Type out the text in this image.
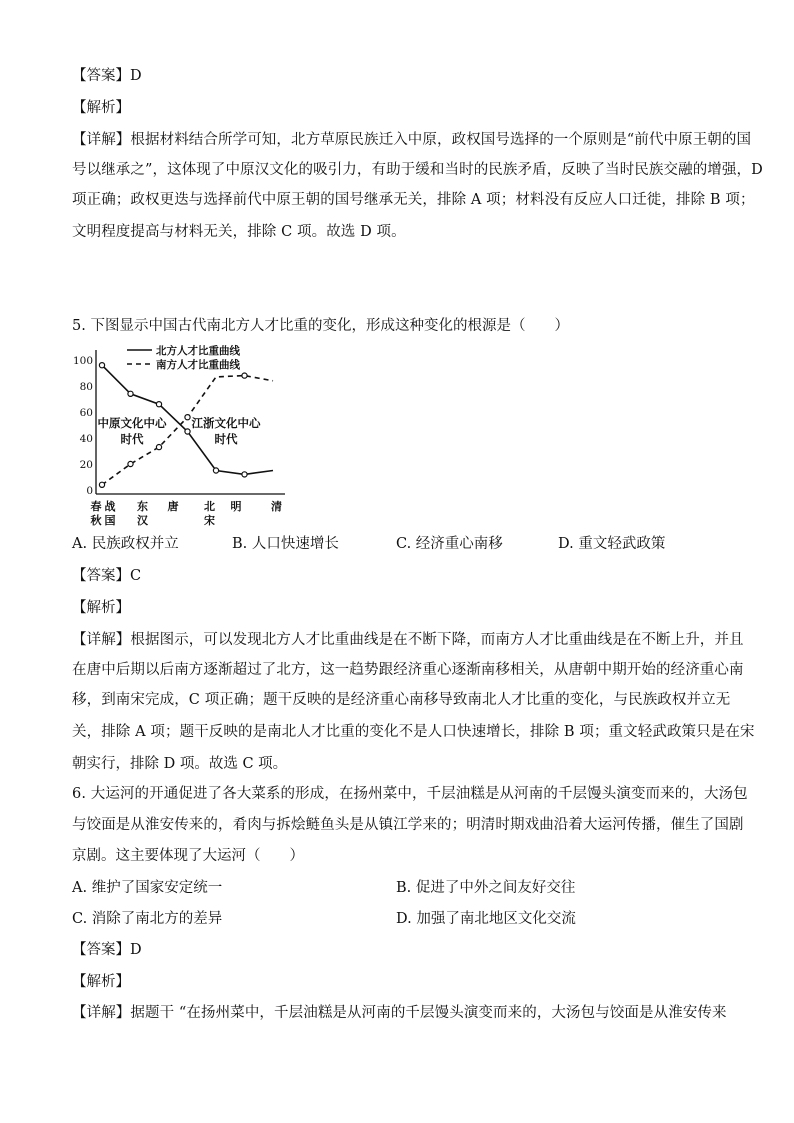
【答案】D
【解析】
【详解】根据材料结合所学可知，北方草原民族迁入中原，政权国号选择的一个原则是“前代中原王朝的国
号以继承之”，这体现了中原汉文化的吸引力，有助于缓和当时的民族矛盾，反映了当时民族交融的增强，D
项正确；政权更迭与选择前代中原王朝的国号继承无关，排除 A 项；材料没有反应人口迁徙，排除 B 项；
文明程度提高与材料无关，排除 C 项。故选 D 项。
5. 下图显示中国古代南北方人才比重的变化，形成这种变化的根源是（　　）
0
20
40
60
80
100
春
秋
战
国
东
汉
唐 北
宋
明	清
北方人才比重曲线
南方人才比重曲线
中原文化中心
时代
江浙文化中心
时代
A. 民族政权并立	B. 人口快速增长	C. 经济重心南移	D. 重文轻武政策
【答案】C
【解析】
【详解】根据图示，可以发现北方人才比重曲线是在不断下降，而南方人才比重曲线是在不断上升，并且
在唐中后期以后南方逐渐超过了北方，这一趋势跟经济重心逐渐南移相关，从唐朝中期开始的经济重心南
移，到南宋完成，C 项正确；题干反映的是经济重心南移导致南北人才比重的变化，与民族政权并立无
关，排除 A 项；题干反映的是南北人才比重的变化不是人口快速增长，排除 B 项；重文轻武政策只是在宋
朝实行，排除 D 项。故选 C 项。
6. 大运河的开通促进了各大菜系的形成，在扬州菜中，千层油糕是从河南的千层馒头演变而来的，大汤包
与饺面是从淮安传来的，肴肉与拆烩鲢鱼头是从镇江学来的；明清时期戏曲沿着大运河传播，催生了国剧
京剧。这主要体现了大运河（　　）
A. 维护了国家安定统一	B. 促进了中外之间友好交往
C. 消除了南北方的差异	D. 加强了南北地区文化交流
【答案】D
【解析】
【详解】据题干 “在扬州菜中，千层油糕是从河南的千层馒头演变而来的，大汤包与饺面是从淮安传来
